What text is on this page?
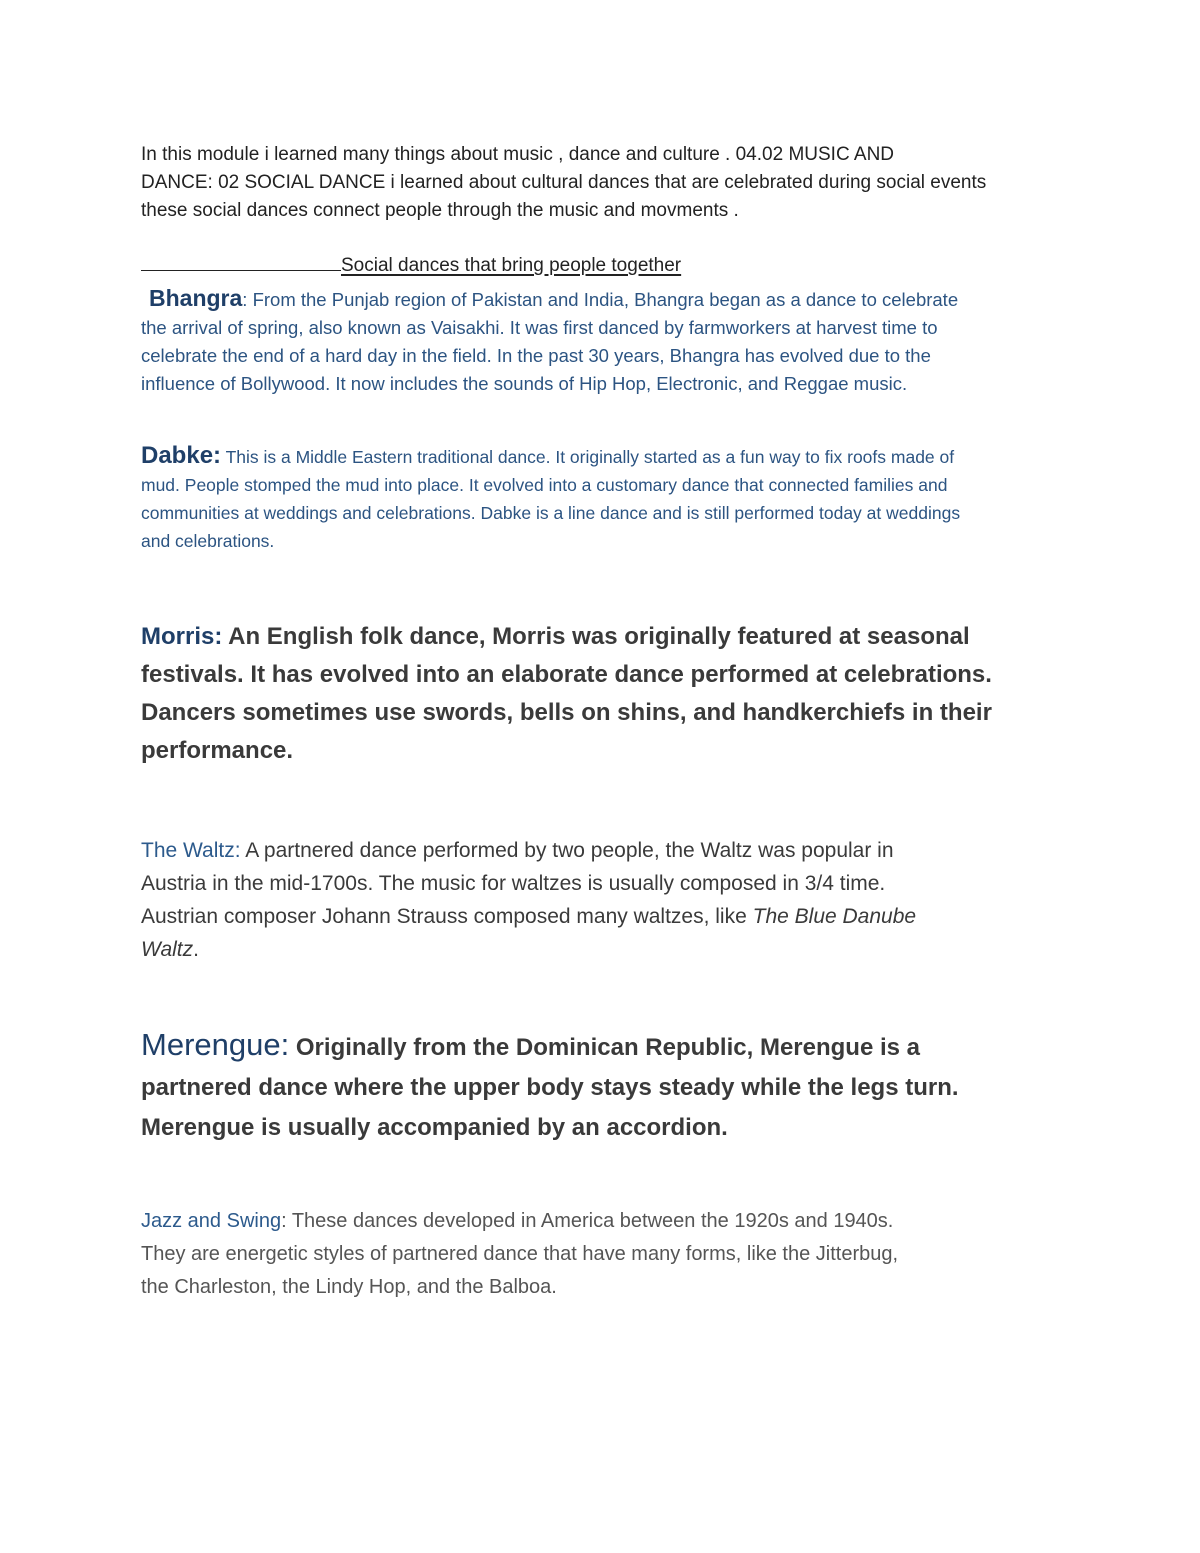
In this module i learned many things about music , dance and culture . 04.02 MUSIC AND
DANCE: 02 SOCIAL DANCE i learned about cultural dances that are celebrated during social events
these social dances connect people through the music and movments .
Social dances that bring people together
Bhangra: From the Punjab region of Pakistan and India, Bhangra began as a dance to celebrate
the arrival of spring, also known as Vaisakhi. It was first danced by farmworkers at harvest time to
celebrate the end of a hard day in the field. In the past 30 years, Bhangra has evolved due to the
influence of Bollywood. It now includes the sounds of Hip Hop, Electronic, and Reggae music.
Dabke: This is a Middle Eastern traditional dance. It originally started as a fun way to fix roofs made of
mud. People stomped the mud into place. It evolved into a customary dance that connected families and
communities at weddings and celebrations. Dabke is a line dance and is still performed today at weddings
and celebrations.
Morris: An English folk dance, Morris was originally featured at seasonal
festivals. It has evolved into an elaborate dance performed at celebrations.
Dancers sometimes use swords, bells on shins, and handkerchiefs in their
performance.
The Waltz: A partnered dance performed by two people, the Waltz was popular in
Austria in the mid-1700s. The music for waltzes is usually composed in 3/4 time.
Austrian composer Johann Strauss composed many waltzes, like The Blue Danube
Waltz.
Merengue: Originally from the Dominican Republic, Merengue is a
partnered dance where the upper body stays steady while the legs turn.
Merengue is usually accompanied by an accordion.
Jazz and Swing: These dances developed in America between the 1920s and 1940s.
They are energetic styles of partnered dance that have many forms, like the Jitterbug,
the Charleston, the Lindy Hop, and the Balboa.
